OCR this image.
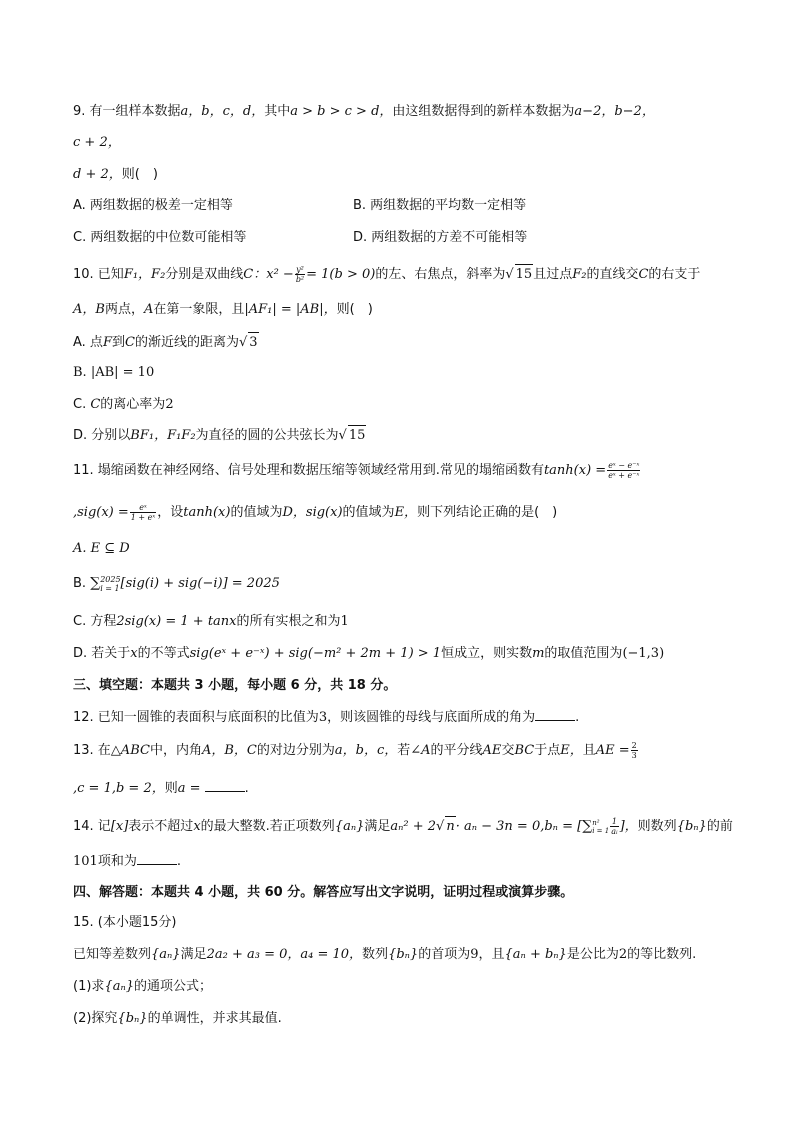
9. 有一组样本数据a，b，c，d，其中a > b > c > d，由这组数据得到的新样本数据为a−2，b−2，
c + 2，
d + 2，则(　)
A. 两组数据的极差一定相等	B. 两组数据的平均数一定相等
C. 两组数据的中位数可能相等	D. 两组数据的方差不可能相等
10. 已知F₁，F₂分别是双曲线C：$x^2 - \frac{\text{y²}}{\text{b²}} = 1(b > 0)$的左、右焦点，斜率为√ 15且过点F₂的直线交C的右支于
A，B两点，A在第一象限，且|AF₁| = |AB|，则(　)
A. 点F到C的渐近线的距离为√ 3
B. |AB| = 10
C. C的离心率为2
D. 分别以BF₁，F₁F₂为直径的圆的公共弦长为√ 15
11. 塌缩函数在神经网络、信号处理和数据压缩等领域经常用到.常见的塌缩函数有$\tanh(x) = \frac{\text{eˣ − e⁻ˣ}}{\text{eˣ + e⁻ˣ}}$
$,sig(x) = \frac{\text{eˣ}}{\text{1 + eˣ}}$ ，设tanh(x)的值域为D，sig(x)的值域为E，则下列结论正确的是(　)
A. E ⊆ D
B. ∑ 2025
i = 1 [sig(i) + sig(−i)] = 2025
C. 方程2sig(x) = 1 + tanx的所有实根之和为1
D. 若关于x的不等式sig(eˣ + e⁻ˣ) + sig(−m² + 2m + 1) > 1恒成立，则实数m的取值范围为(−1,3)
三、填空题：本题共 3 小题，每小题 6 分，共 18 分。
12. 已知一圆锥的表面积与底面积的比值为3，则该圆锥的母线与底面所成的角为	.
13. 在△ABC中，内角A，B，C的对边分别为a，b，c，若∠A的平分线AE交BC于点E，且AE = $\frac{2}{3}$
,c = 1,b = 2，则a =	.
14. 记[x]表示不超过x的最大整数.若正项数列{aₙ}满足aₙ² + 2√ n· aₙ − 3n = 0,bₙ = [∑ n²
$i = 1 \frac{1}{\text{aᵢ}}$ ]，则数列{bₙ}的前
101项和为	.
四、解答题：本题共 4 小题，共 60 分。解答应写出文字说明，证明过程或演算步骤。
15. (本小题15分)
已知等差数列{aₙ}满足2a₂ + a₃ = 0，a₄ = 10，数列{bₙ}的首项为9，且{aₙ + bₙ}是公比为2的等比数列.
(1)求{aₙ}的通项公式；
(2)探究{bₙ}的单调性，并求其最值.
